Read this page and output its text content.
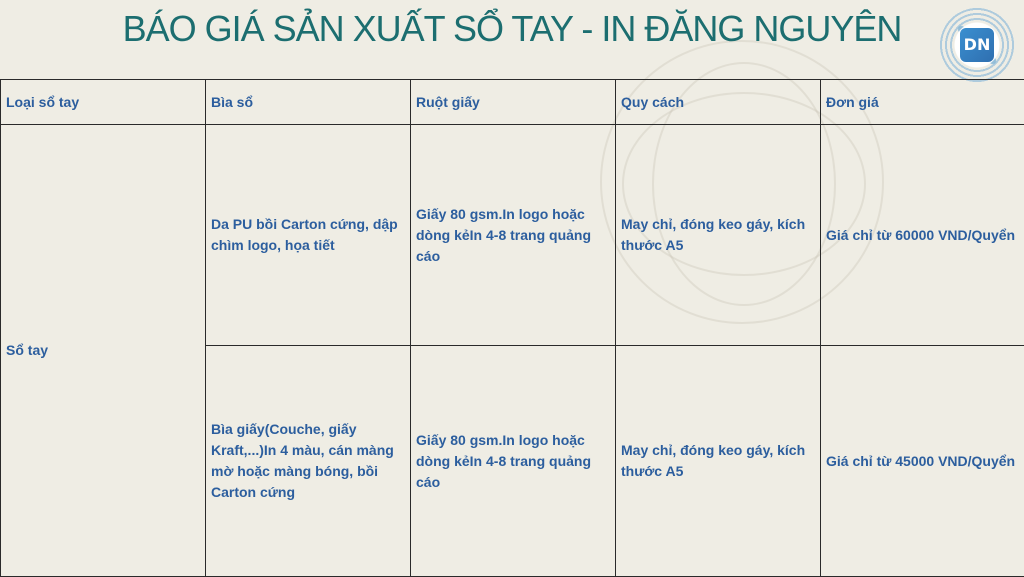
BÁO GIÁ SẢN XUẤT SỔ TAY - IN ĐĂNG NGUYÊN	DN
Loại sổ tay	Bìa sổ	Ruột giấy	Quy cách	Đơn giá
Sổ tay	Da PU bồi Carton cứng, dập chìm logo, họa tiết	Giấy 80 gsm.In logo hoặc dòng kẻIn 4-8 trang quảng cáo	May chỉ, đóng keo gáy, kích thước A5	Giá chỉ từ 60000 VND/Quyển
	Bìa giấy(Couche, giấy Kraft,...)In 4 màu, cán màng mờ hoặc màng bóng, bồi Carton cứng	Giấy 80 gsm.In logo hoặc dòng kẻIn 4-8 trang quảng cáo	May chỉ, đóng keo gáy, kích thước A5	Giá chỉ từ 45000 VND/Quyển
